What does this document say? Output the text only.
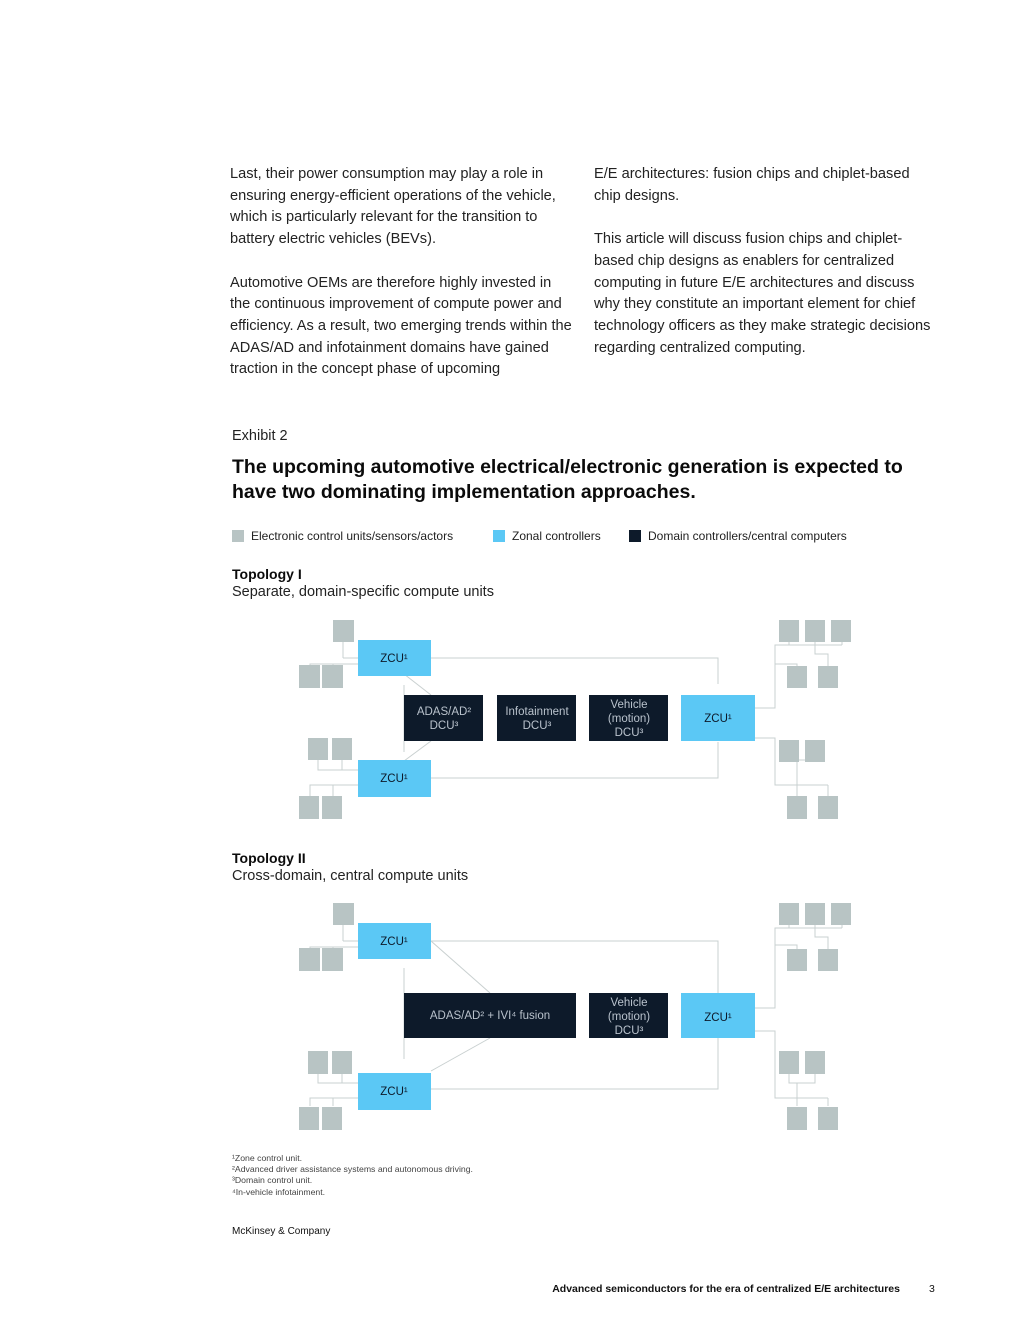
Last, their power consumption may play a role in ensuring energy-efficient operations of the vehicle, which is particularly relevant for the transition to battery electric vehicles (BEVs).

Automotive OEMs are therefore highly invested in the continuous improvement of compute power and efficiency. As a result, two emerging trends within the ADAS/AD and infotainment domains have gained traction in the concept phase of upcoming

E/E architectures: fusion chips and chiplet-based chip designs.

This article will discuss fusion chips and chiplet-based chip designs as enablers for centralized computing in future E/E architectures and discuss why they constitute an important element for chief technology officers as they make strategic decisions regarding centralized computing.

Exhibit 2
The upcoming automotive electrical/electronic generation is expected to have two dominating implementation approaches.
Electronic control units/sensors/actors	Zonal controllers	Domain controllers/central computers
Topology I
Separate, domain-specific compute units
ZCU¹
ZCU¹
ZCU¹
ADAS/AD²
DCU³
Infotainment
DCU³
Vehicle
(motion)
DCU³
Topology II
Cross-domain, central compute units
ZCU¹
ZCU¹
ZCU¹
ADAS/AD² + IVI⁴ fusion
Vehicle
(motion)
DCU³
¹Zone control unit.
²Advanced driver assistance systems and autonomous driving.
³Domain control unit.
⁴In-vehicle infotainment.
McKinsey & Company
Advanced semiconductors for the era of centralized E/E architectures	3
